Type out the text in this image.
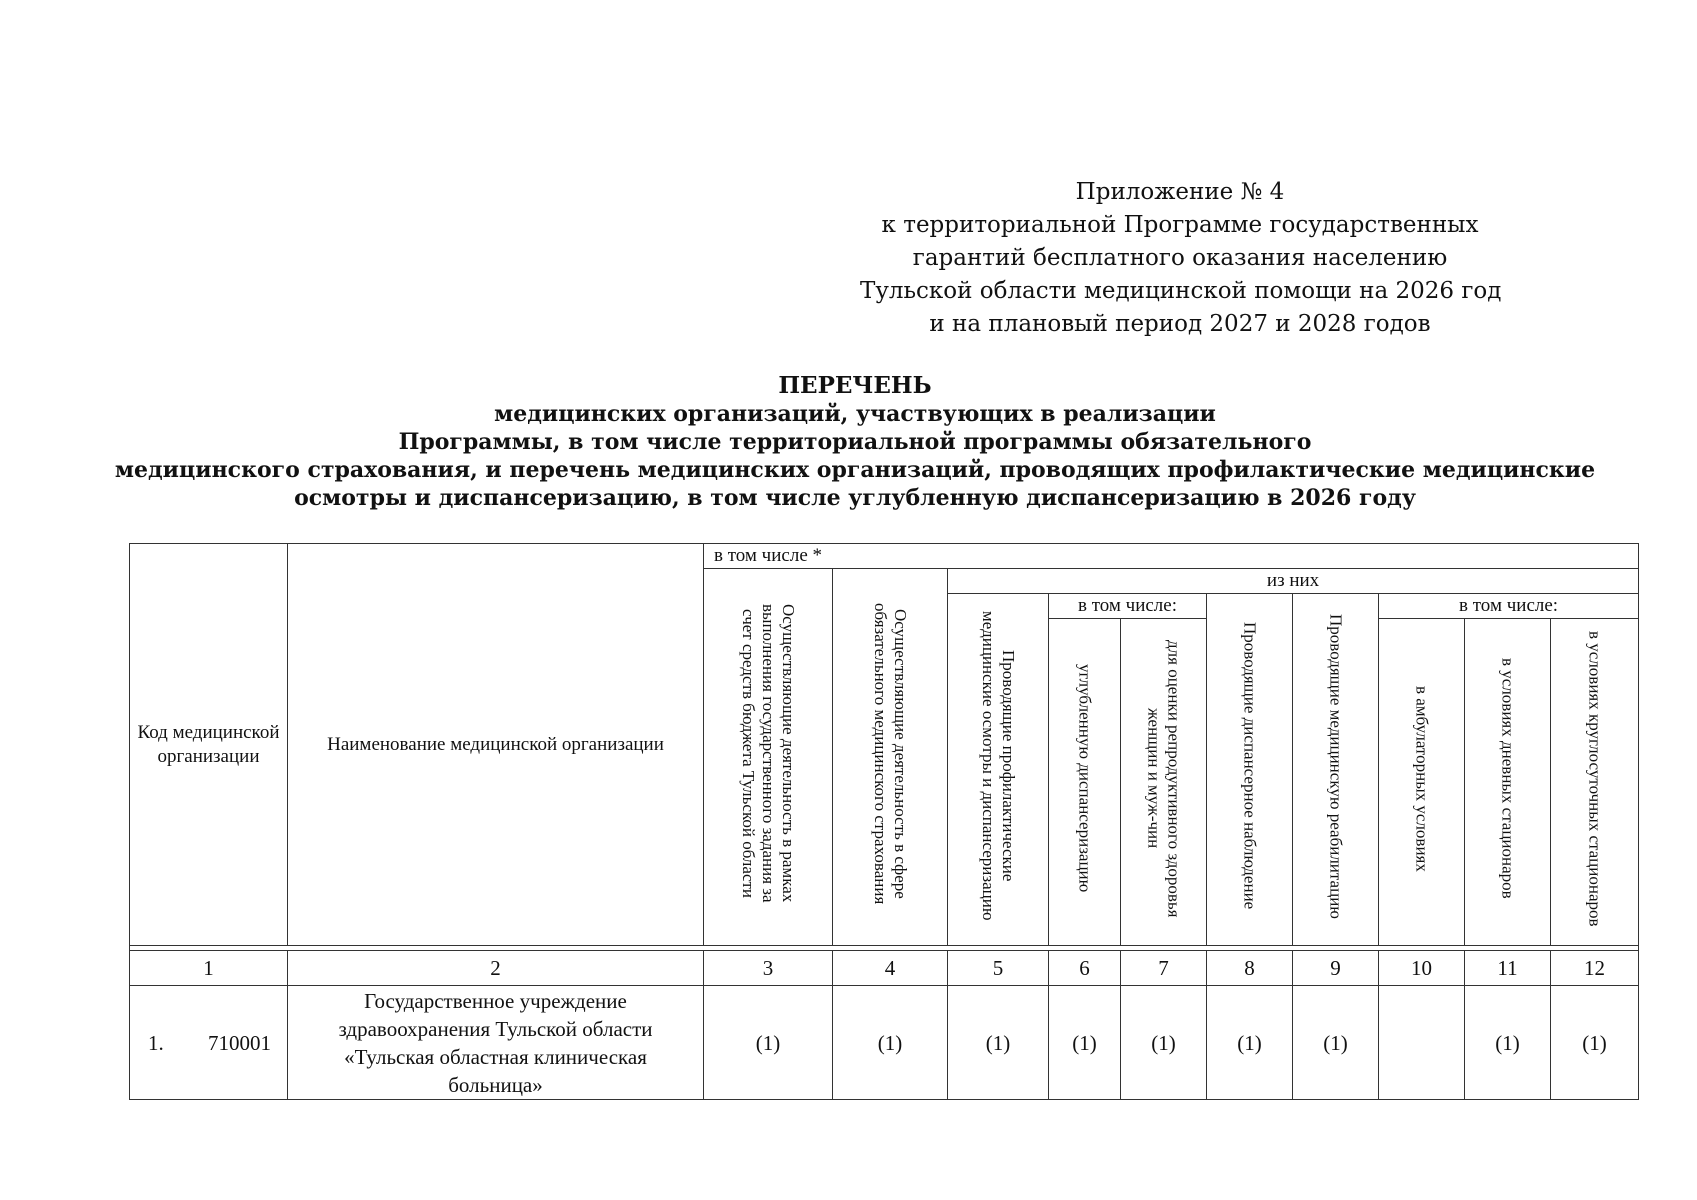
Приложение № 4
к территориальной Программе государственных
гарантий бесплатного оказания населению
Тульской области медицинской помощи на 2026 год
и на плановый период 2027 и 2028 годов
ПЕРЕЧЕНЬ
медицинских организаций, участвующих в реализации
Программы, в том числе территориальной программы обязательного
медицинского страхования, и перечень медицинских организаций, проводящих профилактические медицинские
осмотры и диспансеризацию, в том числе углубленную диспансеризацию в 2026 году
Код медицинской организации	Наименование медицинской организации	в том числе *									
		Осуществляющие деятельность в рамках выполнения государственного задания за счет средств бюджета Тульской области	Осуществляющие деятельность в сфере обязательного медицинского страхования	из них							
				Проводящие профилактические медицинские осмотры и диспансеризацию	в том числе:		Проводящие диспансерное наблюдение	Проводящие медицинскую реабилитацию	в том числе:		
					углубленную диспансеризацию	для оценки репродуктивного здоровья женщин и муж-чин			в амбулаторных условиях	в условиях дневных стационаров	в условиях круглосуточных стационаров

1	2	3	4	5	6	7	8	9	10	11	12

1. 710001	Государственное учреждение здравоохранения Тульской области «Тульская областная клиническая больница»	(1)	(1)	(1)	(1)	(1)	(1)	(1)		(1)	(1)
